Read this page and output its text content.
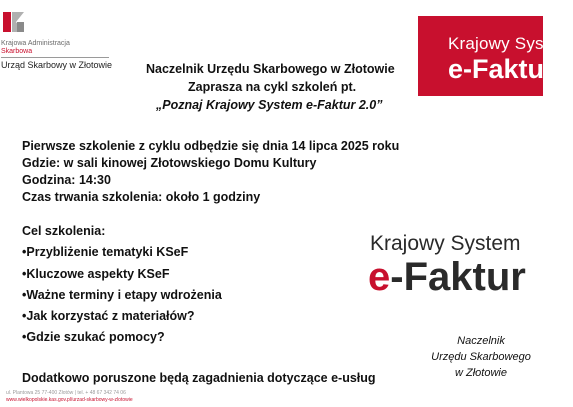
Krajowa Administracja
Skarbowa
Urząd Skarbowy w Złotowie
Krajowy System
e-Faktur
Naczelnik Urzędu Skarbowego w Złotowie
Zaprasza na cykl szkoleń pt.
„Poznaj Krajowy System e-Faktur 2.0”
Pierwsze szkolenie z cyklu odbędzie się dnia 14 lipca 2025 roku
Gdzie: w sali kinowej Złotowskiego Domu Kultury
Godzina: 14:30
Czas trwania szkolenia: około 1 godziny
Cel szkolenia:
•Przybliżenie tematyki KSeF
•Kluczowe aspekty KSeF
•Ważne terminy i etapy wdrożenia
•Jak korzystać z materiałów?
•Gdzie szukać pomocy?
Dodatkowo poruszone będą zagadnienia dotyczące e-usług
Krajowy System
e-Faktur
Naczelnik
Urzędu Skarbowego
w Złotowie
ul. Plantowa 25 77-400 Złotów | tel. + 48 67 342 74 06
www.wielkopolskie.kas.gov.pl/urzad-skarbowy-w-zlotowie
